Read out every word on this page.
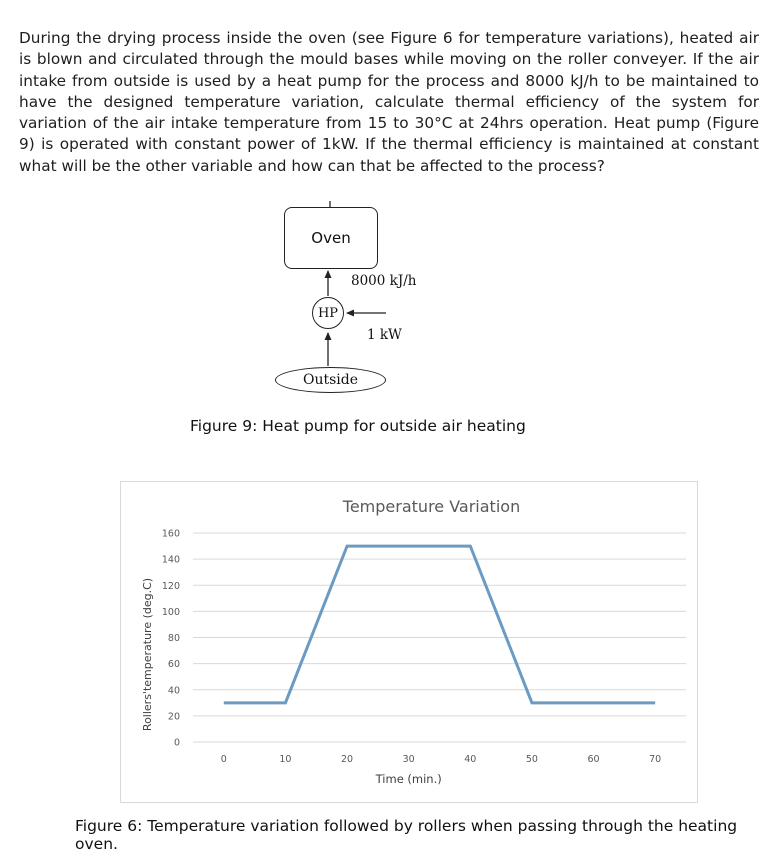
During the drying process inside the oven (see Figure 6 for temperature variations), heated air is blown and circulated through the mould bases while moving on the roller conveyer. If the air intake from outside is used by a heat pump for the process and 8000 kJ/h to be maintained to have the designed temperature variation, calculate thermal efficiency of the system for variation of the air intake temperature from 15 to 30°C at 24hrs operation. Heat pump (Figure 9) is operated with constant power of 1kW. If the thermal efficiency is maintained at constant what will be the other variable and how can that be affected to the process?

Oven
8000 kJ/h
HP
1 kW
Outside
Figure 9: Heat pump for outside air heating
0
20
40
60
80
100
120
140
160
0	10	20	30	40	50	60	70
Temperature Variation
Time (min.)
Rollers'temperature (deg.C)
Figure 6: Temperature variation followed by rollers when passing through the heating oven.
